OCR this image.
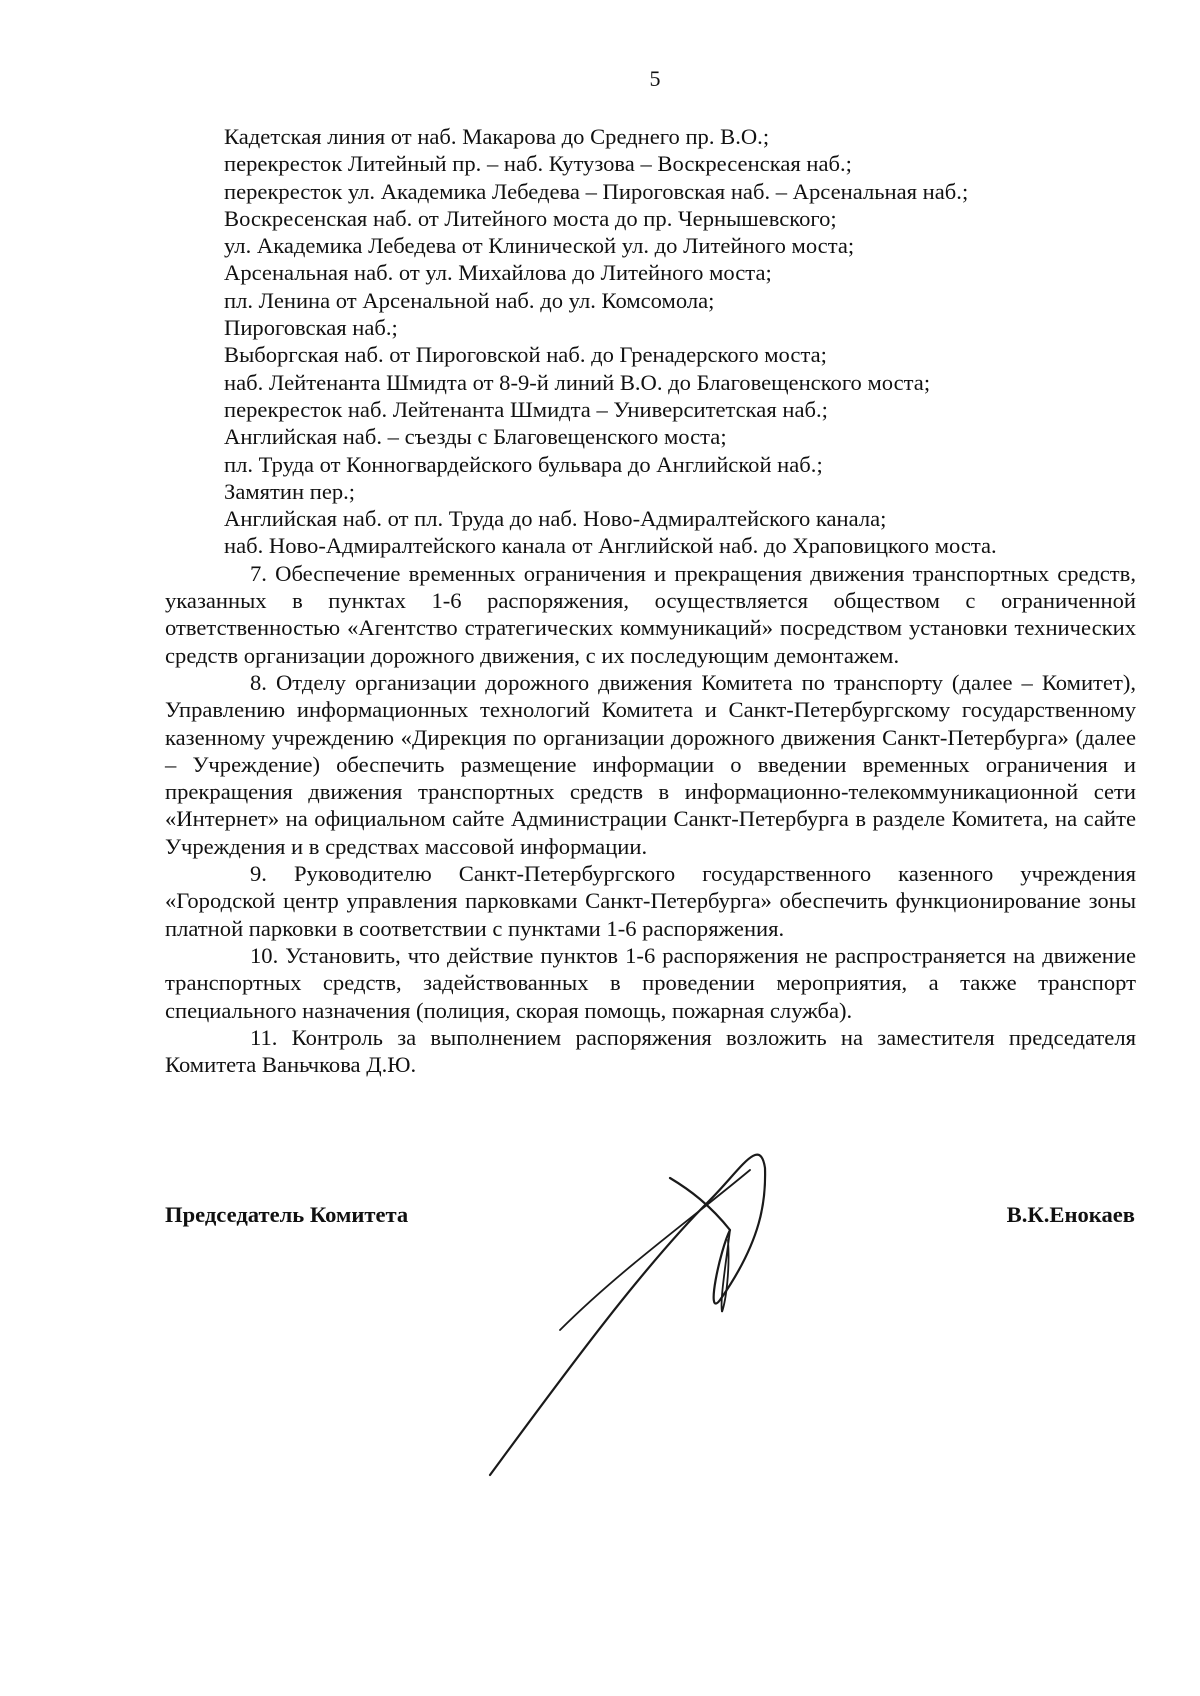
5
Кадетская линия от наб. Макарова до Среднего пр. В.О.;
перекресток Литейный пр. – наб. Кутузова – Воскресенская наб.;
перекресток ул. Академика Лебедева – Пироговская наб. – Арсенальная наб.;
Воскресенская наб. от Литейного моста до пр. Чернышевского;
ул. Академика Лебедева от Клинической ул. до Литейного моста;
Арсенальная наб. от ул. Михайлова до Литейного моста;
пл. Ленина от Арсенальной наб. до ул. Комсомола;
Пироговская наб.;
Выборгская наб. от Пироговской наб. до Гренадерского моста;
наб. Лейтенанта Шмидта от 8-9-й линий В.О. до Благовещенского моста;
перекресток наб. Лейтенанта Шмидта – Университетская наб.;
Английская наб. – съезды с Благовещенского моста;
пл. Труда от Конногвардейского бульвара до Английской наб.;
Замятин пер.;
Английская наб. от пл. Труда до наб. Ново-Адмиралтейского канала;
наб. Ново-Адмиралтейского канала от Английской наб. до Храповицкого моста.

7. Обеспечение временных ограничения и прекращения движения транспортных средств, указанных в пунктах 1-6 распоряжения, осуществляется обществом с ограниченной ответственностью «Агентство стратегических коммуникаций» посредством установки технических средств организации дорожного движения, с их последующим демонтажем.

8. Отделу организации дорожного движения Комитета по транспорту (далее – Комитет), Управлению информационных технологий Комитета и Санкт-Петербургскому государственному казенному учреждению «Дирекция по организации дорожного движения Санкт-Петербурга» (далее – Учреждение) обеспечить размещение информации о введении временных ограничения и прекращения движения транспортных средств в информационно-телекоммуникационной сети «Интернет» на официальном сайте Администрации Санкт-Петербурга в разделе Комитета, на сайте Учреждения и в средствах массовой информации.

9. Руководителю Санкт-Петербургского государственного казенного учреждения «Городской центр управления парковками Санкт-Петербурга» обеспечить функционирование зоны платной парковки в соответствии с пунктами 1-6 распоряжения.

10. Установить, что действие пунктов 1-6 распоряжения не распространяется на движение транспортных средств, задействованных в проведении мероприятия, а также транспорт специального назначения (полиция, скорая помощь, пожарная служба).

11. Контроль за выполнением распоряжения возложить на заместителя председателя Комитета Ваньчкова Д.Ю.

Председатель Комитета	В.К.Енокаев
